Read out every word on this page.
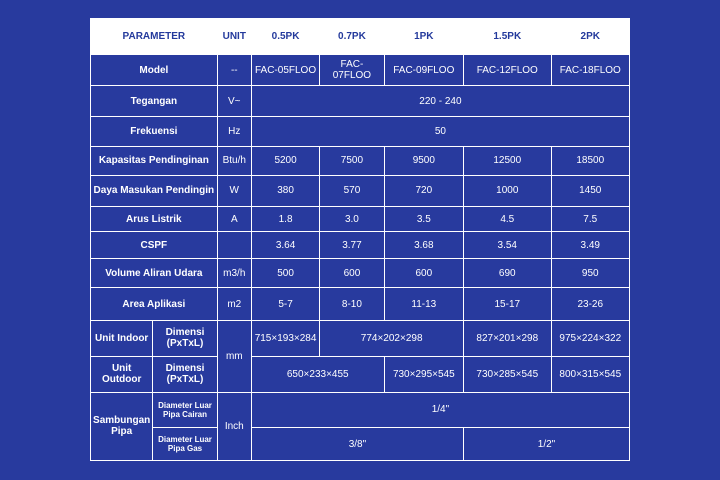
PARAMETER		UNIT	0.5PK	0.7PK	1PK	1.5PK	2PK
Model		--	FAC-05FLOO	FAC-07FLOO	FAC-09FLOO	FAC-12FLOO	FAC-18FLOO
Tegangan		V~	220 - 240				
Frekuensi		Hz	50				
Kapasitas Pendinginan		Btu/h	5200	7500	9500	12500	18500
Daya Masukan Pendingin		W	380	570	720	1000	1450
Arus Listrik		A	1.8	3.0	3.5	4.5	7.5
CSPF			3.64	3.77	3.68	3.54	3.49
Volume Aliran Udara		m3/h	500	600	600	690	950
Area Aplikasi		m2	5-7	8-10	11-13	15-17	23-26
Unit Indoor	Dimensi (PxTxL)	mm	715×193×284	774×202×298		827×201×298	975×224×322
Unit Outdoor	Dimensi (PxTxL)		650×233×455		730×295×545	730×285×545	800×315×545
Sambungan Pipa	Diameter Luar Pipa Cairan	Inch	1/4"				
	Diameter Luar Pipa Gas		3/8"			1/2"	
